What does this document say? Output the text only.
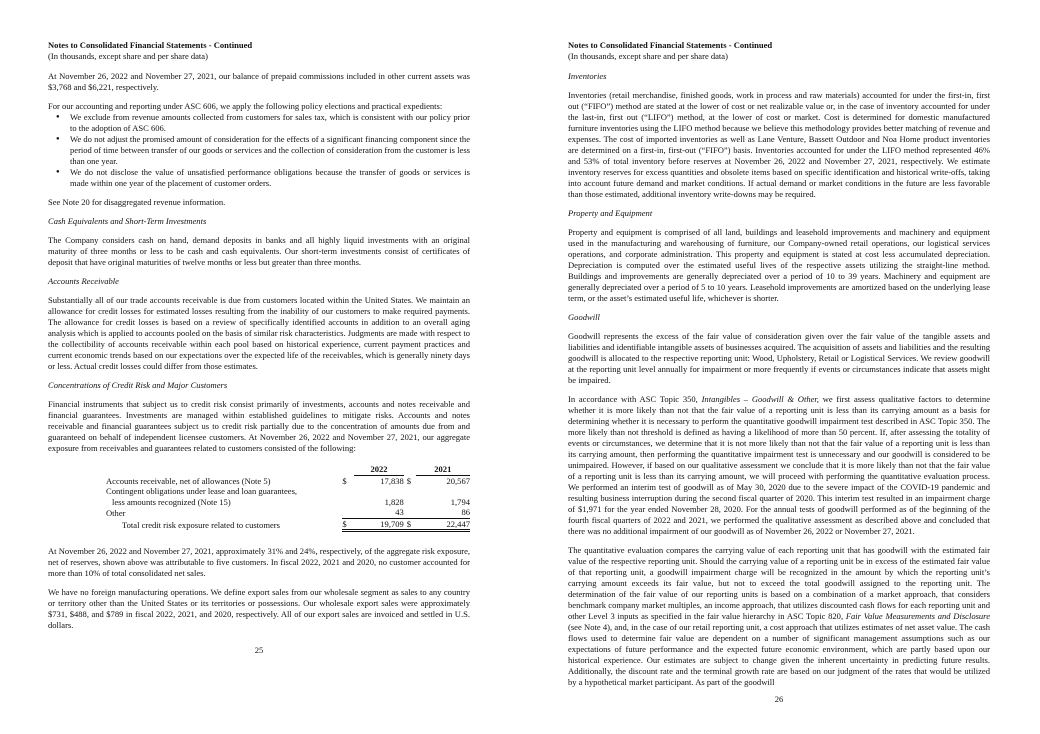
Notes to Consolidated Financial Statements - Continued
(In thousands, except share and per share data)
At November 26, 2022 and November 27, 2021, our balance of prepaid commissions included in other current assets was $3,768 and $6,221, respectively.
For our accounting and reporting under ASC 606, we apply the following policy elections and practical expedients:
● We exclude from revenue amounts collected from customers for sales tax, which is consistent with our policy prior to the adoption of ASC 606.
● We do not adjust the promised amount of consideration for the effects of a significant financing component since the period of time between transfer of our goods or services and the collection of consideration from the customer is less than one year.
● We do not disclose the value of unsatisfied performance obligations because the transfer of goods or services is made within one year of the placement of customer orders.
See Note 20 for disaggregated revenue information.
Cash Equivalents and Short-Term Investments
The Company considers cash on hand, demand deposits in banks and all highly liquid investments with an original maturity of three months or less to be cash and cash equivalents. Our short-term investments consist of certificates of deposit that have original maturities of twelve months or less but greater than three months.
Accounts Receivable
Substantially all of our trade accounts receivable is due from customers located within the United States. We maintain an allowance for credit losses for estimated losses resulting from the inability of our customers to make required payments. The allowance for credit losses is based on a review of specifically identified accounts in addition to an overall aging analysis which is applied to accounts pooled on the basis of similar risk characteristics. Judgments are made with respect to the collectibility of accounts receivable within each pool based on historical experience, current payment practices and current economic trends based on our expectations over the expected life of the receivables, which is generally ninety days or less. Actual credit losses could differ from those estimates.
Concentrations of Credit Risk and Major Customers
Financial instruments that subject us to credit risk consist primarily of investments, accounts and notes receivable and financial guarantees. Investments are managed within established guidelines to mitigate risks. Accounts and notes receivable and financial guarantees subject us to credit risk partially due to the concentration of amounts due from and guaranteed on behalf of independent licensee customers. At November 26, 2022 and November 27, 2021, our aggregate exposure from receivables and guarantees related to customers consisted of the following:
		2022		2021
Accounts receivable, net of allowances (Note 5)	$	17,838	$	20,567
Contingent obligations under lease and loan guarantees,				
less amounts recognized (Note 15)		1,828		1,794
Other		43		86
Total credit risk exposure related to customers	$	19,709	$	22,447
At November 26, 2022 and November 27, 2021, approximately 31% and 24%, respectively, of the aggregate risk exposure, net of reserves, shown above was attributable to five customers. In fiscal 2022, 2021 and 2020, no customer accounted for more than 10% of total consolidated net sales.
We have no foreign manufacturing operations. We define export sales from our wholesale segment as sales to any country or territory other than the United States or its territories or possessions. Our wholesale export sales were approximately $731, $488, and $789 in fiscal 2022, 2021, and 2020, respectively. All of our export sales are invoiced and settled in U.S. dollars.
25
Notes to Consolidated Financial Statements - Continued
(In thousands, except share and per share data)
Inventories
Inventories (retail merchandise, finished goods, work in process and raw materials) accounted for under the first-in, first out (“FIFO”) method are stated at the lower of cost or net realizable value or, in the case of inventory accounted for under the last-in, first out (“LIFO”) method, at the lower of cost or market. Cost is determined for domestic manufactured furniture inventories using the LIFO method because we believe this methodology provides better matching of revenue and expenses. The cost of imported inventories as well as Lane Venture, Bassett Outdoor and Noa Home product inventories are determined on a first-in, first-out (“FIFO”) basis. Inventories accounted for under the LIFO method represented 46% and 53% of total inventory before reserves at November 26, 2022 and November 27, 2021, respectively. We estimate inventory reserves for excess quantities and obsolete items based on specific identification and historical write-offs, taking into account future demand and market conditions. If actual demand or market conditions in the future are less favorable than those estimated, additional inventory write-downs may be required.
Property and Equipment
Property and equipment is comprised of all land, buildings and leasehold improvements and machinery and equipment used in the manufacturing and warehousing of furniture, our Company-owned retail operations, our logistical services operations, and corporate administration. This property and equipment is stated at cost less accumulated depreciation. Depreciation is computed over the estimated useful lives of the respective assets utilizing the straight-line method. Buildings and improvements are generally depreciated over a period of 10 to 39 years. Machinery and equipment are generally depreciated over a period of 5 to 10 years. Leasehold improvements are amortized based on the underlying lease term, or the asset’s estimated useful life, whichever is shorter.
Goodwill
Goodwill represents the excess of the fair value of consideration given over the fair value of the tangible assets and liabilities and identifiable intangible assets of businesses acquired. The acquisition of assets and liabilities and the resulting goodwill is allocated to the respective reporting unit: Wood, Upholstery, Retail or Logistical Services. We review goodwill at the reporting unit level annually for impairment or more frequently if events or circumstances indicate that assets might be impaired.
In accordance with ASC Topic 350, Intangibles – Goodwill & Other, we first assess qualitative factors to determine whether it is more likely than not that the fair value of a reporting unit is less than its carrying amount as a basis for determining whether it is necessary to perform the quantitative goodwill impairment test described in ASC Topic 350. The more likely than not threshold is defined as having a likelihood of more than 50 percent. If, after assessing the totality of events or circumstances, we determine that it is not more likely than not that the fair value of a reporting unit is less than its carrying amount, then performing the quantitative impairment test is unnecessary and our goodwill is considered to be unimpaired. However, if based on our qualitative assessment we conclude that it is more likely than not that the fair value of a reporting unit is less than its carrying amount, we will proceed with performing the quantitative evaluation process. We performed an interim test of goodwill as of May 30, 2020 due to the severe impact of the COVID-19 pandemic and resulting business interruption during the second fiscal quarter of 2020. This interim test resulted in an impairment charge of $1,971 for the year ended November 28, 2020. For the annual tests of goodwill performed as of the beginning of the fourth fiscal quarters of 2022 and 2021, we performed the qualitative assessment as described above and concluded that there was no additional impairment of our goodwill as of November 26, 2022 or November 27, 2021.
The quantitative evaluation compares the carrying value of each reporting unit that has goodwill with the estimated fair value of the respective reporting unit. Should the carrying value of a reporting unit be in excess of the estimated fair value of that reporting unit, a goodwill impairment charge will be recognized in the amount by which the reporting unit’s carrying amount exceeds its fair value, but not to exceed the total goodwill assigned to the reporting unit. The determination of the fair value of our reporting units is based on a combination of a market approach, that considers benchmark company market multiples, an income approach, that utilizes discounted cash flows for each reporting unit and other Level 3 inputs as specified in the fair value hierarchy in ASC Topic 820, Fair Value Measurements and Disclosure (see Note 4), and, in the case of our retail reporting unit, a cost approach that utilizes estimates of net asset value. The cash flows used to determine fair value are dependent on a number of significant management assumptions such as our expectations of future performance and the expected future economic environment, which are partly based upon our historical experience. Our estimates are subject to change given the inherent uncertainty in predicting future results. Additionally, the discount rate and the terminal growth rate are based on our judgment of the rates that would be utilized by a hypothetical market participant. As part of the goodwill
26
